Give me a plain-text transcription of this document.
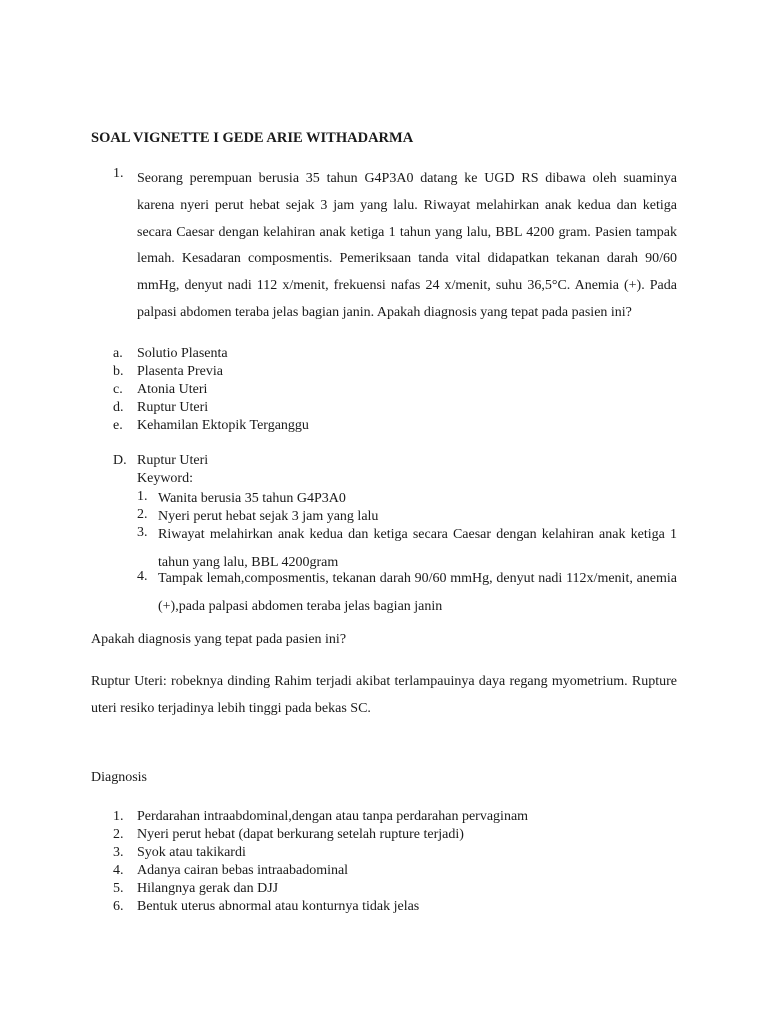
SOAL VIGNETTE I GEDE ARIE WITHADARMA
1. Seorang perempuan berusia 35 tahun G4P3A0 datang ke UGD RS dibawa oleh suaminya karena nyeri perut hebat sejak 3 jam yang lalu. Riwayat melahirkan anak kedua dan ketiga secara Caesar dengan kelahiran anak ketiga 1 tahun yang lalu, BBL 4200 gram. Pasien tampak lemah. Kesadaran composmentis. Pemeriksaan tanda vital didapatkan tekanan darah 90/60 mmHg, denyut nadi 112 x/menit, frekuensi nafas 24 x/menit, suhu 36,5°C. Anemia (+). Pada palpasi abdomen teraba jelas bagian janin. Apakah diagnosis yang tepat pada pasien ini?

a. Solutio Plasenta
b. Plasenta Previa
c. Atonia Uteri
d. Ruptur Uteri
e. Kehamilan Ektopik Terganggu
D. Ruptur Uteri
Keyword:
1. Wanita berusia 35 tahun G4P3A0
2. Nyeri perut hebat sejak 3 jam yang lalu
3. Riwayat melahirkan anak kedua dan ketiga secara Caesar dengan kelahiran anak ketiga 1 tahun yang lalu, BBL 4200gram
4. Tampak lemah,composmentis, tekanan darah 90/60 mmHg, denyut nadi 112x/menit, anemia (+),pada palpasi abdomen teraba jelas bagian janin
Apakah diagnosis yang tepat pada pasien ini?

Ruptur Uteri: robeknya dinding Rahim terjadi akibat terlampauinya daya regang myometrium. Rupture uteri resiko terjadinya lebih tinggi pada bekas SC.

Diagnosis
1. Perdarahan intraabdominal,dengan atau tanpa perdarahan pervaginam
2. Nyeri perut hebat (dapat berkurang setelah rupture terjadi)
3. Syok atau takikardi
4. Adanya cairan bebas intraabadominal
5. Hilangnya gerak dan DJJ
6. Bentuk uterus abnormal atau konturnya tidak jelas
